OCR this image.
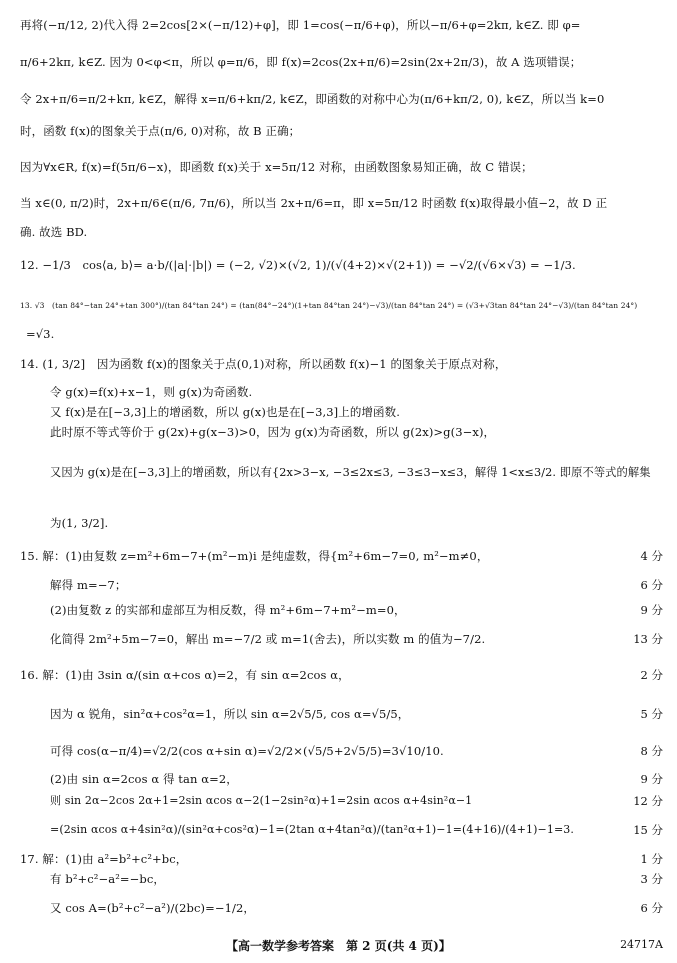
再将(−π/12, 2)代入得 2=2cos[2×(−π/12)+φ]，即 1=cos(−π/6+φ)，所以−π/6+φ=2kπ, k∈Z. 即 φ=
π/6+2kπ, k∈Z. 因为 0<φ<π，所以 φ=π/6，即 f(x)=2cos(2x+π/6)=2sin(2x+2π/3)，故 A 选项错误；
令 2x+π/6=π/2+kπ, k∈Z，解得 x=π/6+kπ/2, k∈Z，即函数的对称中心为(π/6+kπ/2, 0), k∈Z，所以当 k=0
时，函数 f(x)的图象关于点(π/6, 0)对称，故 B 正确；
因为∀x∈R, f(x)=f(5π/6−x)，即函数 f(x)关于 x=5π/12 对称，由函数图象易知正确，故 C 错误；
当 x∈(0, π/2)时，2x+π/6∈(π/6, 7π/6)，所以当 2x+π/6=π，即 x=5π/12 时函数 f(x)取得最小值−2，故 D 正
确. 故选 BD.
12. −1/3　cos⟨a, b⟩= a·b/(|a|·|b|) = (−2, √2)×(√2, 1)/(√(4+2)×√(2+1)) = −√2/(√6×√3) = −1/3.
13. √3　(tan 84°−tan 24°+tan 300°)/(tan 84°tan 24°) = (tan(84°−24°)(1+tan 84°tan 24°)−√3)/(tan 84°tan 24°) = (√3+√3tan 84°tan 24°−√3)/(tan 84°tan 24°)
=√3.
14. (1, 3/2]　因为函数 f(x)的图象关于点(0,1)对称，所以函数 f(x)−1 的图象关于原点对称，
令 g(x)=f(x)+x−1，则 g(x)为奇函数.
又 f(x)是在[−3,3]上的增函数，所以 g(x)也是在[−3,3]上的增函数.
此时原不等式等价于 g(2x)+g(x−3)>0，因为 g(x)为奇函数，所以 g(2x)>g(3−x)，
又因为 g(x)是在[−3,3]上的增函数，所以有{2x>3−x, −3≤2x≤3, −3≤3−x≤3，解得 1<x≤3/2. 即原不等式的解集
为(1, 3/2].
15. 解：(1)由复数 z=m²+6m−7+(m²−m)i 是纯虚数，得{m²+6m−7=0, m²−m≠0，	4 分
解得 m=−7；	6 分
(2)由复数 z 的实部和虚部互为相反数，得 m²+6m−7+m²−m=0，	9 分
化简得 2m²+5m−7=0，解出 m=−7/2 或 m=1(舍去)，所以实数 m 的值为−7/2.	13 分
16. 解：(1)由 3sin α/(sin α+cos α)=2，有 sin α=2cos α，	2 分
因为 α 锐角，sin²α+cos²α=1，所以 sin α=2√5/5, cos α=√5/5，	5 分
可得 cos(α−π/4)=√2/2(cos α+sin α)=√2/2×(√5/5+2√5/5)=3√10/10.	8 分
(2)由 sin α=2cos α 得 tan α=2，	9 分
则 sin 2α−2cos 2α+1=2sin αcos α−2(1−2sin²α)+1=2sin αcos α+4sin²α−1	12 分
=(2sin αcos α+4sin²α)/(sin²α+cos²α)−1=(2tan α+4tan²α)/(tan²α+1)−1=(4+16)/(4+1)−1=3.	15 分
17. 解：(1)由 a²=b²+c²+bc，	1 分
有 b²+c²−a²=−bc，	3 分
又 cos A=(b²+c²−a²)/(2bc)=−1/2，	6 分
【高一数学参考答案　第 2 页(共 4 页)】	24717A
